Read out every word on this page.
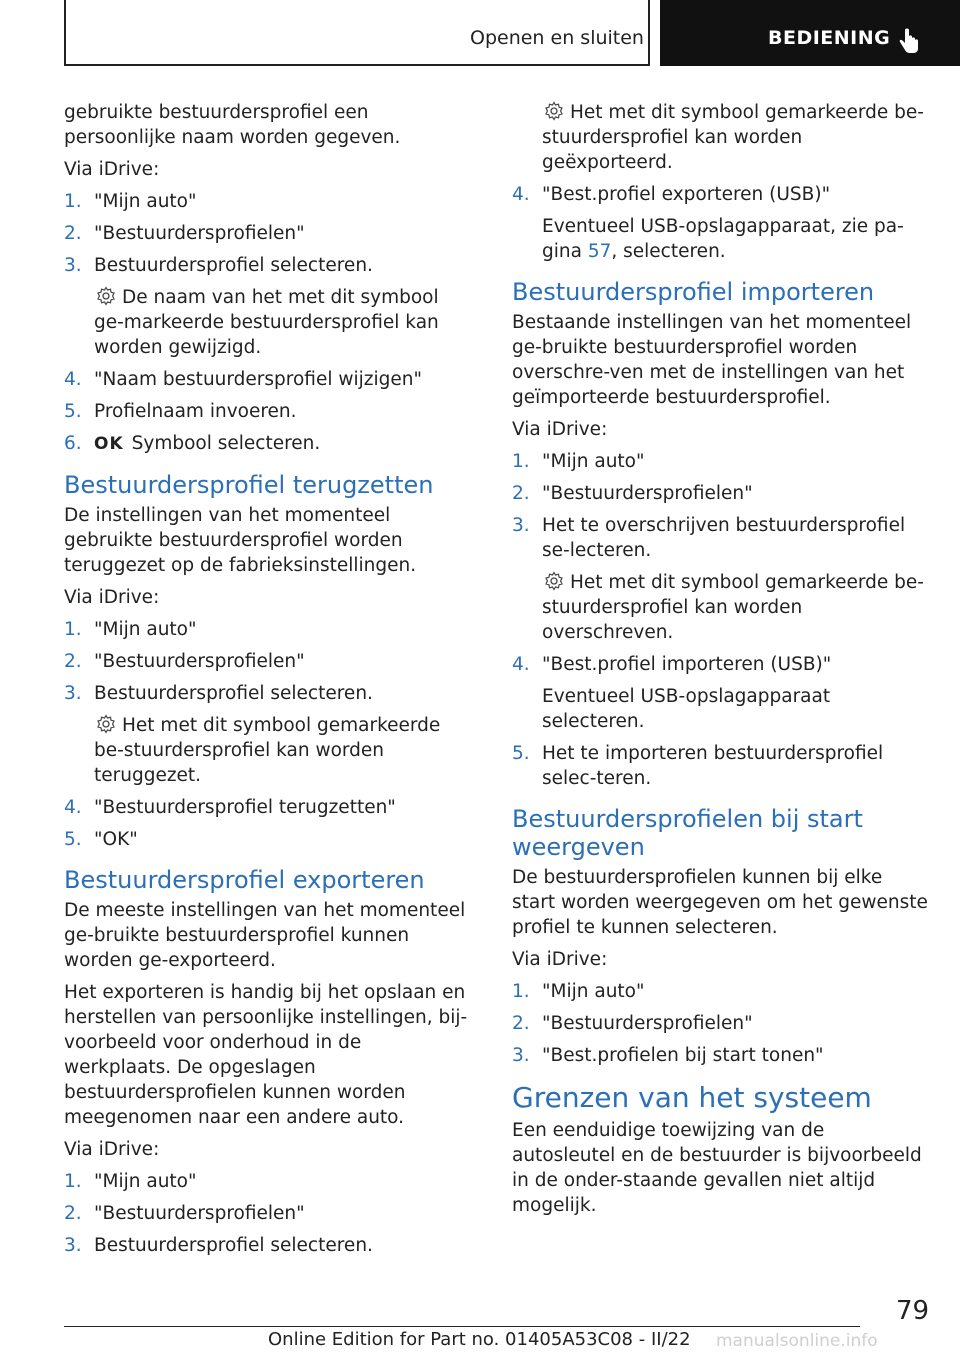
Openen en sluiten	BEDIENING

gebruikte bestuurdersprofiel een persoonlijke naam worden gegeven.

Via iDrive:

1. "Mijn auto"
2. "Bestuurdersprofielen"
3. Bestuurdersprofiel selecteren.

De naam van het met dit symbool ge-markeerde bestuurdersprofiel kan worden gewijzigd.

4. "Naam bestuurdersprofiel wijzigen"
5. Profielnaam invoeren.
6. OK Symbool selecteren.
Bestuurdersprofiel terugzetten

De instellingen van het momenteel gebruikte bestuurdersprofiel worden teruggezet op de fabrieksinstellingen.

Via iDrive:

1. "Mijn auto"
2. "Bestuurdersprofielen"
3. Bestuurdersprofiel selecteren.

Het met dit symbool gemarkeerde be-stuurdersprofiel kan worden teruggezet.

4. "Bestuurdersprofiel terugzetten"
5. "OK"
Bestuurdersprofiel exporteren

De meeste instellingen van het momenteel ge-bruikte bestuurdersprofiel kunnen worden ge-exporteerd.

Het exporteren is handig bij het opslaan en herstellen van persoonlijke instellingen, bij-voorbeeld voor onderhoud in de werkplaats. De opgeslagen bestuurdersprofielen kunnen worden meegenomen naar een andere auto.

Via iDrive:

1. "Mijn auto"
2. "Bestuurdersprofielen"
3. Bestuurdersprofiel selecteren.

Het met dit symbool gemarkeerde be-stuurdersprofiel kan worden geëxporteerd.

4. "Best.profiel exporteren (USB)"

Eventueel USB-opslagapparaat, zie pa-gina 57, selecteren.

Bestuurdersprofiel importeren

Bestaande instellingen van het momenteel ge-bruikte bestuurdersprofiel worden overschre-ven met de instellingen van het geïmporteerde bestuurdersprofiel.

Via iDrive:

1. "Mijn auto"
2. "Bestuurdersprofielen"
3. Het te overschrijven bestuurdersprofiel se-lecteren.

Het met dit symbool gemarkeerde be-stuurdersprofiel kan worden overschreven.

4. "Best.profiel importeren (USB)"

Eventueel USB-opslagapparaat selecteren.

5. Het te importeren bestuurdersprofiel selec-teren.
Bestuurdersprofielen bij start weergeven

De bestuurdersprofielen kunnen bij elke start worden weergegeven om het gewenste profiel te kunnen selecteren.

Via iDrive:

1. "Mijn auto"
2. "Bestuurdersprofielen"
3. "Best.profielen bij start tonen"
Grenzen van het systeem

Een eenduidige toewijzing van de autosleutel en de bestuurder is bijvoorbeeld in de onder-staande gevallen niet altijd mogelijk.

79
Online Edition for Part no. 01405A53C08 - II/22 manualsonline.info
